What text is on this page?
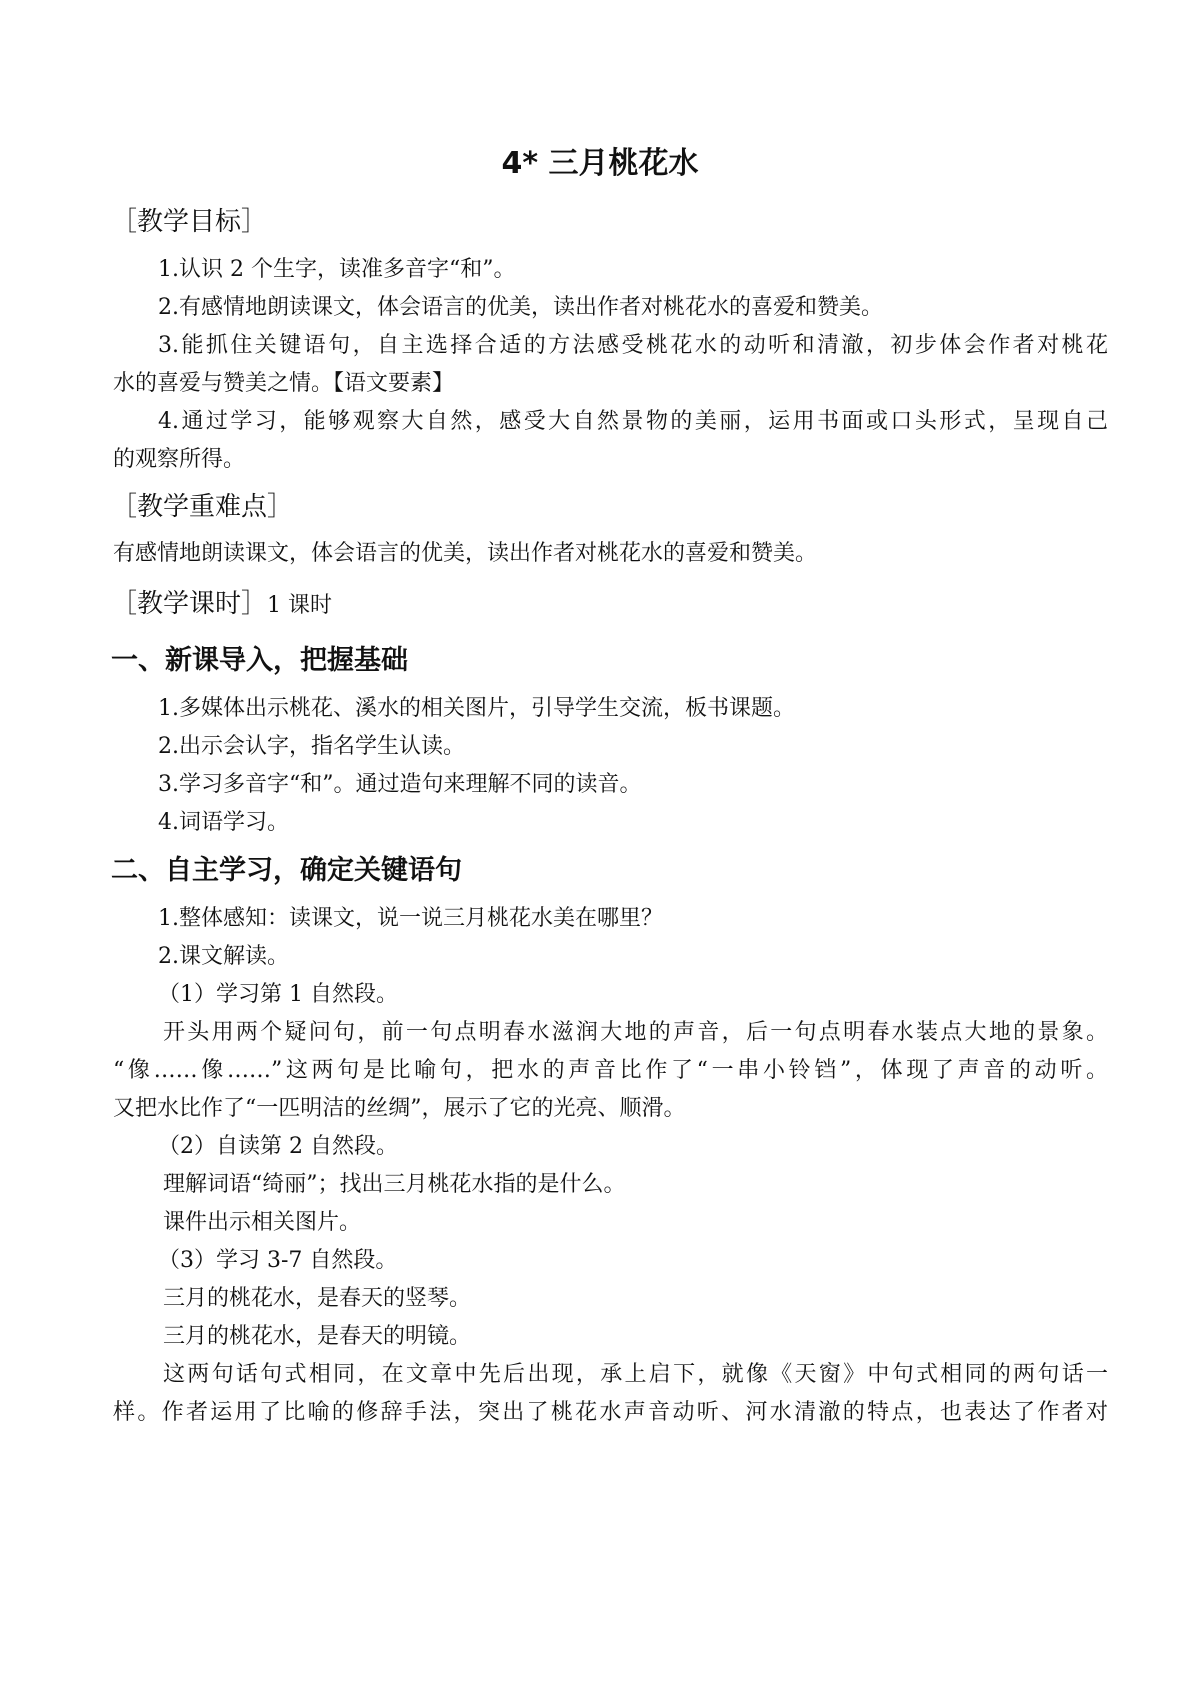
4* 三月桃花水
［教学目标］
1.认识 2 个生字，读准多音字“和”。
2.有感情地朗读课文，体会语言的优美，读出作者对桃花水的喜爱和赞美。
3.能抓住关键语句，自主选择合适的方法感受桃花水的动听和清澈，初步体会作者对桃花
水的喜爱与赞美之情。【语文要素】
4.通过学习，能够观察大自然，感受大自然景物的美丽，运用书面或口头形式，呈现自己
的观察所得。
［教学重难点］
有感情地朗读课文，体会语言的优美，读出作者对桃花水的喜爱和赞美。
［教学课时］1 课时
一、新课导入，把握基础
1.多媒体出示桃花、溪水的相关图片，引导学生交流，板书课题。
2.出示会认字，指名学生认读。
3.学习多音字“和”。通过造句来理解不同的读音。
4.词语学习。
二、自主学习，确定关键语句
1.整体感知：读课文，说一说三月桃花水美在哪里？
2.课文解读。
（1）学习第 1 自然段。
开头用两个疑问句，前一句点明春水滋润大地的声音，后一句点明春水装点大地的景象。
“像……像……”这两句是比喻句，把水的声音比作了“一串小铃铛”，体现了声音的动听。
又把水比作了“一匹明洁的丝绸”，展示了它的光亮、顺滑。
（2）自读第 2 自然段。
理解词语“绮丽”；找出三月桃花水指的是什么。
课件出示相关图片。
（3）学习 3-7 自然段。
三月的桃花水，是春天的竖琴。
三月的桃花水，是春天的明镜。
这两句话句式相同，在文章中先后出现，承上启下，就像《天窗》中句式相同的两句话一
样。作者运用了比喻的修辞手法，突出了桃花水声音动听、河水清澈的特点，也表达了作者对
